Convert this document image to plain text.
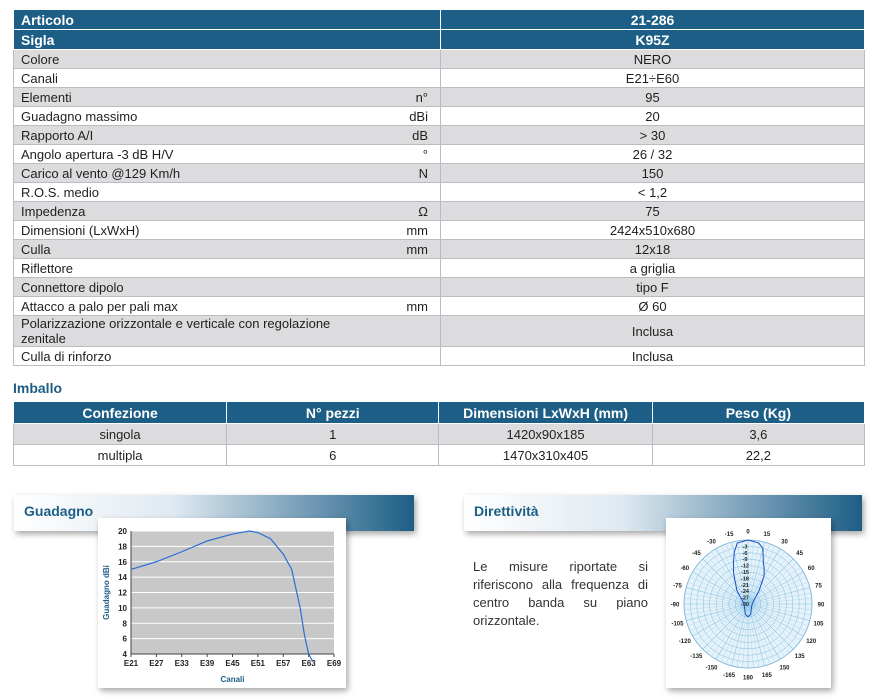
Articolo		21-286
Sigla		K95Z
Colore		NERO
Canali		E21÷E60
Elementi	n°	95
Guadagno massimo	dBi	20
Rapporto A/I	dB	> 30
Angolo apertura -3 dB H/V	°	26 / 32
Carico al vento @129 Km/h	N	150
R.O.S. medio		< 1,2
Impedenza	Ω	75
Dimensioni (LxWxH)	mm	2424x510x680
Culla	mm	12x18
Riflettore		a griglia
Connettore dipolo		tipo F
Attacco a palo per pali max	mm	Ø 60
Polarizzazione orizzontale e verticale con regolazione zenitale		Inclusa
Culla di rinforzo		Inclusa
Imballo
Confezione	N° pezzi	Dimensioni LxWxH (mm)	Peso (Kg)
singola	1	1420x90x185	3,6
multipla	6	1470x310x405	22,2
Guadagno
4
6
8
10
12
14
16
18
20
E21 E27 E33 E39 E45 E51 E57 E63 E69
Canali
Guadagno dBi
Direttività
Le misure riportate si riferiscono alla frequenza di centro banda su piano orizzontale.
0 15
30
45
60
75
90
105
120
135
150
165
180
-165
-150
-135
-120
-105
-90
-75
-60
-45
-30
-15
-3
-6
-9
-12
-15
-18
-21
-24
-27
-30
